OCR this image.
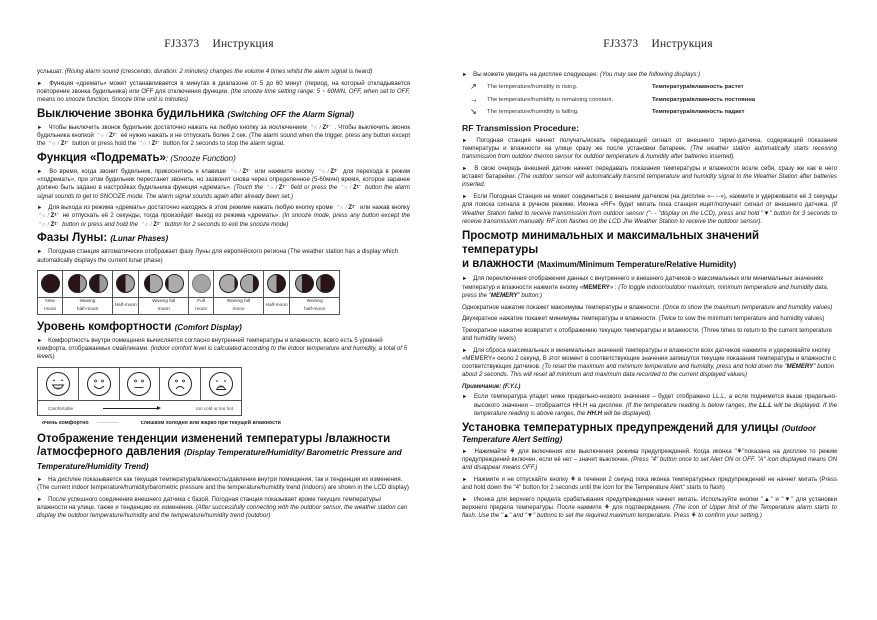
FJ3373 Инструкция

услышат. (Rising alarm sound (crescendo, duration: 2 minutes) changes the volume 4 times whilst the alarm signal is heard)

► Функция «дремать» может устанавливается в минутах в диапазоне от 5 до 60 минут (период, на который откладывается повторение звонка будильника) или OFF для отключения функции. (the snooze time setting range: 5 ~ 60MIN, OFF, when set to OFF, means no snooze function. Snooze time unit is minutes)

Выключение звонка будильника (Switching OFF the Alarm Signal)

► Чтобы выключить звонок будильник достаточно нажать на любую кнопку за исключением "☼ / Zᶻ" . Чтобы выключить звонок будильника кнопкой "☼ / Zᶻ" её нужно нажать и не отпускать более 2 сек. (The alarm sound when the trigger, press any button except the "☼ / Zᶻ" button or press hold the "☼ / Zᶻ" button for 2 seconds to stop the alarm signal.

Функция «Подремать»: (Snooze Function)

► Во время, когда звонит будильник, прикоснитесь к клавише "☼ / Zᶻ" или нажмите кнопку "☼ / Zᶻ" для перехода в режим «подремать», при этом будильник перестанет звонить, но зазвонит снова через определенное (5-60мин) время, которое заранее должно быть задано в настройках будильника функция «дремать». (Touch the "☼ / Zᶻ" field or press the "☼ / Zᶻ" button the alarm signal sounds to get to SNOOZE mode. The alarm signal sounds again after already been set.)

► Для выхода из режима «дремать» достаточно находясь в этом режиме нажать любую кнопку кроме "☼ / Zᶻ" или нажав кнопку "☼ / Zᶻ" не отпускать её 2 секунды, тогда произойдет выход из режима «дремать». (In snooze mode, press any button except the "☼ / Zᶻ" button or press and hold the "☼ / Zᶻ" button for 2 seconds to exit the snooze mode)

Фазы Луны: (Lunar Phases)

► Погодная станция автоматически отображает фазу Луны для европейского региона (The weather station has a display which automatically displays the current lunar phase)

New
moon	Waxing
half-moon	Half-moon	Waxing full
moon	Full
moon	Waning full
moon	Half-moon	Waning
half-moon
Уровень комфортности (Comfort Display)

► Комфортность внутри помещения вычисляется согласно внутренней температуры и влажности, всего есть 5 уровней комфорта, отображаемых смайликами. (Indoor comfort level is calculated according to the indoor temperature and humidity, a total of 5 levels)

Comfortable	too cold or too hot
очень комфортно ---------------	слишком холодно или жарко при текущей влажности
Отображение тенденции изменений температуры /влажности
/атмосферного давления (Display Temperature/Humidity/ Barometric Pressure and Temperature/Humidity Trend)

► На дисплее показывается как текущая температура/влажность/давление внутри помещения, так и тенденция их изменения. (The current indoor temperature/humidity/barometric pressure and the temperature/humidity trend (indoors) are shown in the LCD display)

► После успешного соединения внешнего датчика с базой. Погодная станция показывает кроме текущих температуры/влажности на улице, также и тенденцию их изменения. (After successfully connecting with the outdoor sensor, the weather station can display the outdoor temperature/humidity and the temperature/humidity trend (outdoor)

FJ3373 Инструкция

► Вы можете увидеть на дисплее следующее: (You may see the following displays:)

↗	The temperature/humidity is rising.	Температура/влажность растет
→	The temperature/humidity is remaining constant.	Температура/влажность постоянна
↘	The temperature/humidity is falling.	Температура/влажность падает
RF Transmission Procedure:

► Погодная станция начнет получать/искать передающий сигнал от внешнего термо-датчика, содержащий показания температуры и влажности на улице сразу же после установки батареек. (The weather station automatically starts receiving transmission from outdoor thermo sensor for outdoor temperature & humidity after batteries inserted).

► В свою очередь внешний датчик начнет передавать показания температуры и влажности возле себя, сразу же как в него вставят батарейки. (The outdoor sensor will automatically transmit temperature and humidity signal to the Weather Station after batteries inserted.

► Если Погодная Станция не может соединиться с внешним датчиком (на дисплее «-- --»), нажмите и удерживаете её 3 секунды для поиска сигнала в ручном режиме. Иконка «RF» будет мигать пока станция ищет/получает сигнал от внешнего датчика. (If Weather Station failed to receive transmission from outdoor sensor ("- - "display on the LCD), press and hold "▼" button for 3 seconds to receive transmission manually. RF icon flashes on the LCD Jhe Weather Station to receive the outdoor sensor).

Просмотр минимальных и максимальных значений температуры
и влажности (Maximum/Minimum Temperature/Relative Humidity)

► Для переключения отображения данных с внутреннего и внешнего датчиков о максимальных или минимальных значениях температур и влажности нажмите кнопку «MEMERY» : (To toggle indoor/outdoor maximum, minimum temperature and humidity data, press the "MEMERY" button:)

Однократное нажатие покажет максимумы температуры и влажности. (Once to show the maximum temperature and humidity values)

Двухкратное нажатие покажет минимумы температуры и влажности. (Twice to sow the minimum temperature and humidity values)

Трехкратное нажатие возвратит к отображению текущих температуры и влажности. (Three times to return to the current temperature and humidity levels)

► Для сброса максимальных и минимальных значений температуры и влажности всех датчиков нажмите и удерживайте кнопку «MEMERY» около 2 секунд. В этот момент в соответствующие значения запишутся текущие показания температуры и влажности с соответствующих датчиков. (To reset the maximum and minimum temperature and humidity, press and hold down the "MEMERY" button about 2 seconds. This will reset all minimum and maximum data recorded to the current displayed values)

Примечание: (F.Y.I.)

► Если температура упадет ниже предельно-низкого значения – будет отображено LL.L, а если поднимется выше предельно-высокого значения – отобразится HH.H на дисплее. (If the temperature reading is below ranges, the LL.L will be displayed. If the temperature reading is above ranges, the HH.H will be displayed).

Установка температурных предупреждений для улицы (Outdoor Temperature Alert Setting)

► Нажимайте ⚘ для включения или выключения режима предупреждений. Когда иконка "⚘"показана на дисплее то режим предупреждений включен, если её нет – значит выключен. (Press "4" button once to set Alert ON or OFF. "A" icon displayed means ON and disappear means OFF.)

► Нажмите и не отпускайте кнопку ⚘ в течении 2 секунд пока иконка температурных предупреждений не начнет мигать (Press and hold down the "4" button for 2 seconds until the icon for the Temperature Alert" starts to flash)

► Иконка для верхнего предела срабатывания предупреждения начнет мигать. Используйте кнопки "▲" и "▼" для установки верхнего предела температуры. После нажмите ⚘ для подтверждения. (The icon of Upper limit of the Temperature alarm starts to flash. Use the "▲" and "▼" buttons to set the required maximum temperature. Press ⚘ to confirm your setting.)
